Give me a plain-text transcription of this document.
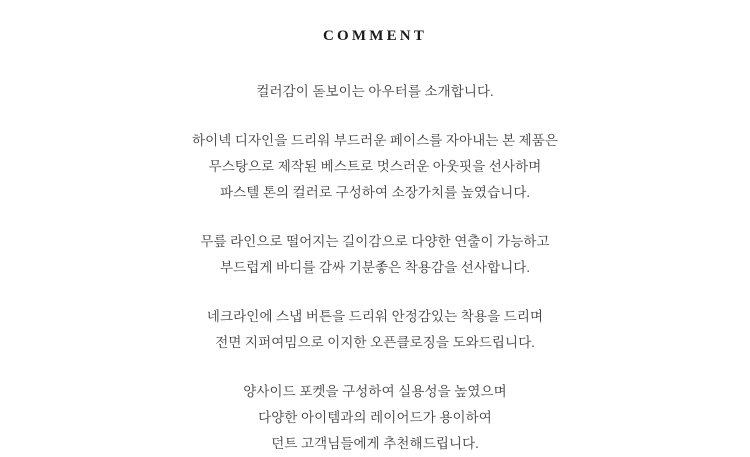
COMMENT

컬러감이 돋보이는 아우터를 소개합니다.

하이넥 디자인을 드리워 부드러운 페이스를 자아내는 본 제품은
무스탕으로 제작된 베스트로 멋스러운 아웃핏을 선사하며
파스텔 톤의 컬러로 구성하여 소장가치를 높였습니다.

무릎 라인으로 떨어지는 길이감으로 다양한 연출이 가능하고
부드럽게 바디를 감싸 기분좋은 착용감을 선사합니다.

네크라인에 스냅 버튼을 드리워 안정감있는 착용을 드리며
전면 지퍼여밈으로 이지한 오픈클로징을 도와드립니다.

양사이드 포켓을 구성하여 실용성을 높였으며
다양한 아이템과의 레이어드가 용이하여
던트 고객님들에게 추천해드립니다.
